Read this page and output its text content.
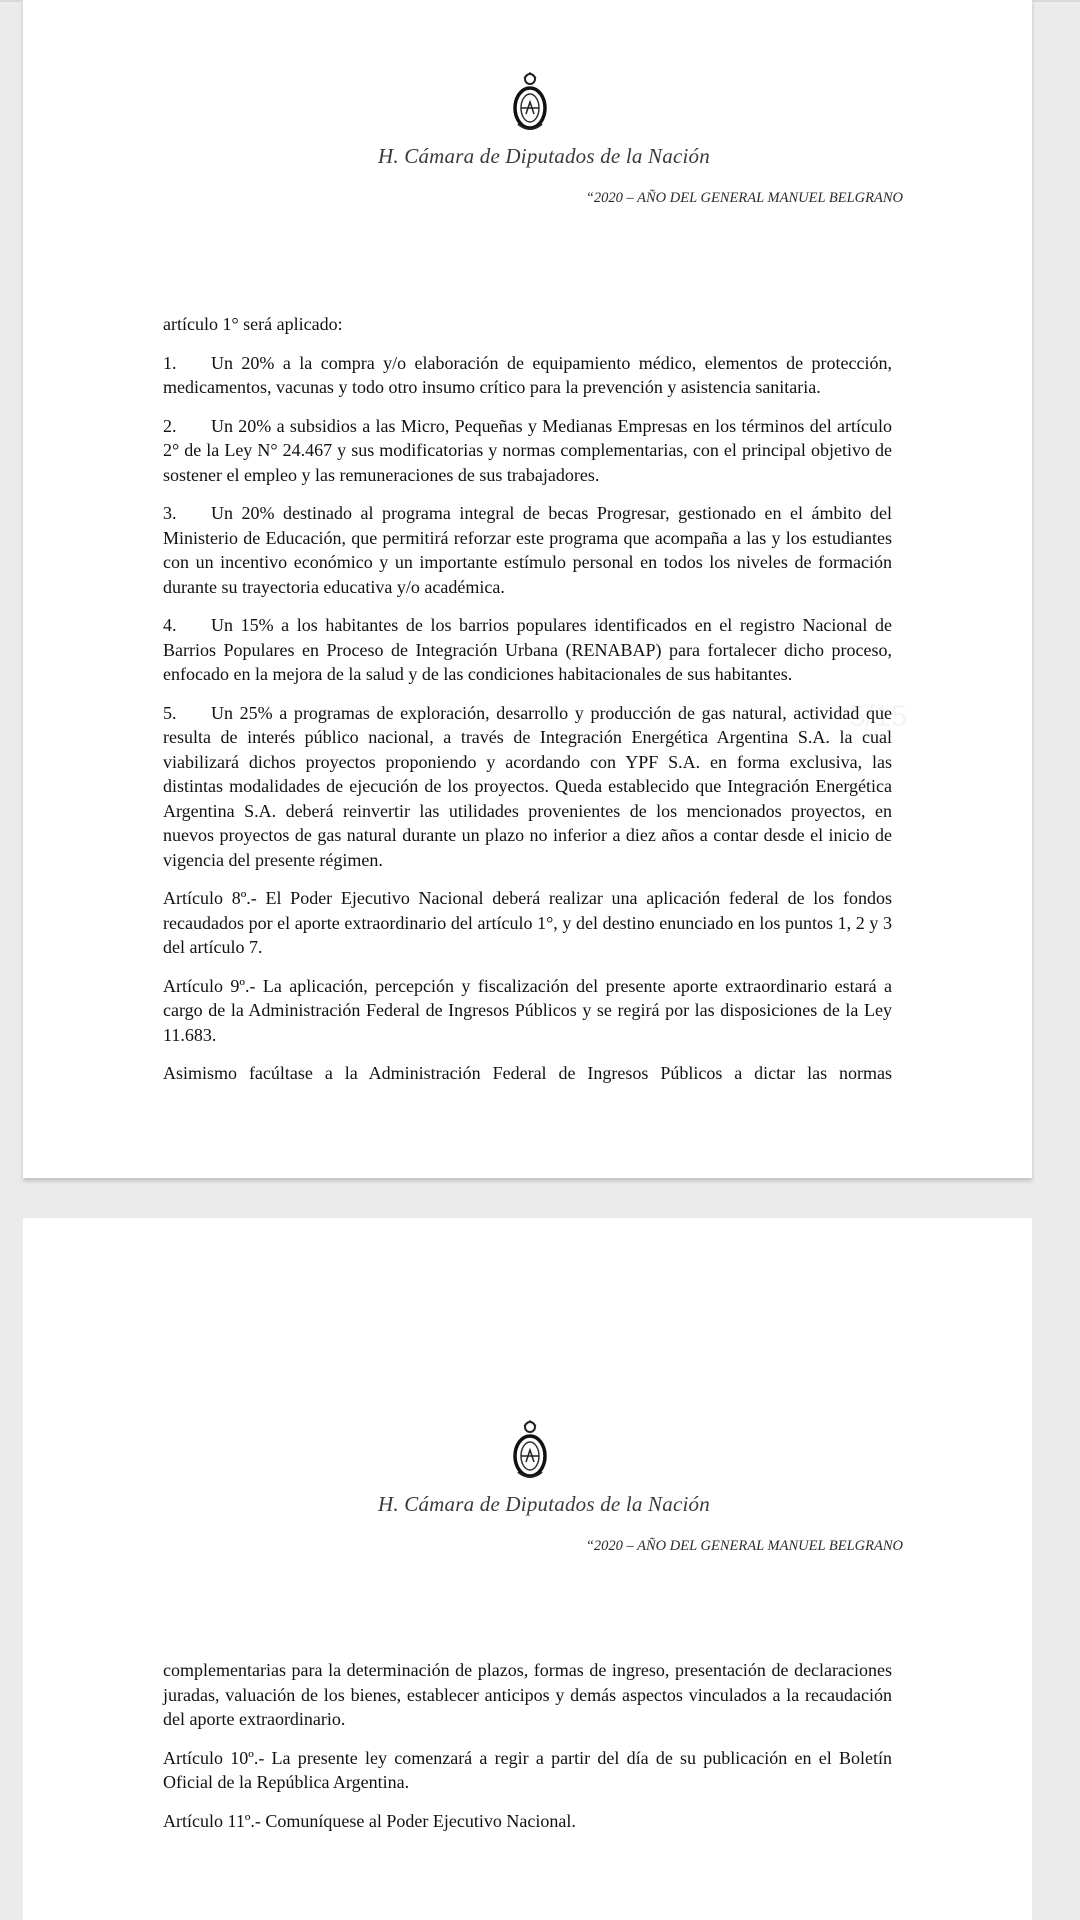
H. Cámara de Diputados de la Nación
“2020 – AÑO DEL GENERAL MANUEL BELGRANO

artículo 1° será aplicado:

1. Un 20% a la compra y/o elaboración de equipamiento médico, elementos de protección, medicamentos, vacunas y todo otro insumo crítico para la prevención y asistencia sanitaria.

2. Un 20% a subsidios a las Micro, Pequeñas y Medianas Empresas en los términos del artículo 2° de la Ley N° 24.467 y sus modificatorias y normas complementarias, con el principal objetivo de sostener el empleo y las remuneraciones de sus trabajadores.

3. Un 20% destinado al programa integral de becas Progresar, gestionado en el ámbito del Ministerio de Educación, que permitirá reforzar este programa que acompaña a las y los estudiantes con un incentivo económico y un importante estímulo personal en todos los niveles de formación durante su trayectoria educativa y/o académica.

4. Un 15% a los habitantes de los barrios populares identificados en el registro Nacional de Barrios Populares en Proceso de Integración Urbana (RENABAP) para fortalecer dicho proceso, enfocado en la mejora de la salud y de las condiciones habitacionales de sus habitantes.

5. Un 25% a programas de exploración, desarrollo y producción de gas natural, actividad que resulta de interés público nacional, a través de Integración Energética Argentina S.A. la cual viabilizará dichos proyectos proponiendo y acordando con YPF S.A. en forma exclusiva, las distintas modalidades de ejecución de los proyectos. Queda establecido que Integración Energética Argentina S.A. deberá reinvertir las utilidades provenientes de los mencionados proyectos, en nuevos proyectos de gas natural durante un plazo no inferior a diez años a contar desde el inicio de vigencia del presente régimen.

Artículo 8º.- El Poder Ejecutivo Nacional deberá realizar una aplicación federal de los fondos recaudados por el aporte extraordinario del artículo 1°, y del destino enunciado en los puntos 1, 2 y 3 del artículo 7.

Artículo 9º.- La aplicación, percepción y fiscalización del presente aporte extraordinario estará a cargo de la Administración Federal de Ingresos Públicos y se regirá por las disposiciones de la Ley 11.683.

Asimismo facúltase a la Administración Federal de Ingresos Públicos a dictar las normas

H. Cámara de Diputados de la Nación
“2020 – AÑO DEL GENERAL MANUEL BELGRANO

complementarias para la determinación de plazos, formas de ingreso, presentación de declaraciones juradas, valuación de los bienes, establecer anticipos y demás aspectos vinculados a la recaudación del aporte extraordinario.

Artículo 10º.- La presente ley comenzará a regir a partir del día de su publicación en el Boletín Oficial de la República Argentina.

Artículo 11º.- Comuníquese al Poder Ejecutivo Nacional.
